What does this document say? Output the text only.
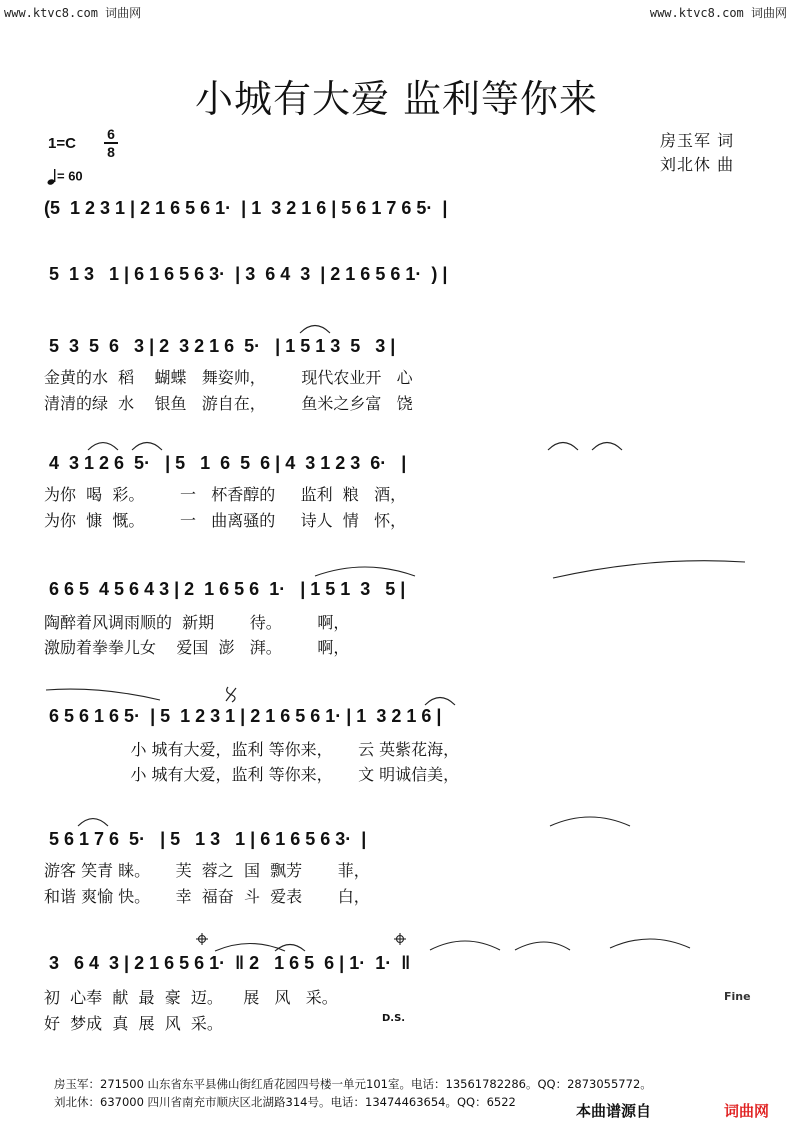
www.ktvc8.com 词曲网	www.ktvc8.com 词曲网
小城有大爱 监利等你来
1=C
6
8
= 60
房玉军 词
刘北休 曲
(5  1 2 3 1 | 2 1 6 5 6 1·  | 1  3 2 1 6 | 5 6 1 7 6 5·  |
5  1 3   1 | 6 1 6 5 6 3·  | 3  6 4  3  | 2 1 6 5 6 1·  ) |
5  3  5  6   3 | 2  3 2 1 6  5·   | 1 5 1 3  5   3 |
金黄的水  稻    蝴蝶   舞姿帅，       现代农业开   心
清清的绿  水    银鱼   游自在，       鱼米之乡富   饶
4  3 1 2 6  5·   | 5   1  6  5  6 | 4  3 1 2 3  6·   |
为你  喝  彩。       一   杯香醇的     监利  粮   酒，
为你  慷  慨。       一   曲离骚的     诗人  情   怀，
6 6 5  4 5 6 4 3 | 2  1 6 5 6  1·   | 1 5 1  3   5 |
陶醉着风调雨顺的  新期       待。       啊，
激励着拳拳儿女    爱国  澎   湃。       啊，
6 5 6 1 6 5·  | 5  1 2 3 1 | 2 1 6 5 6 1· | 1  3 2 1 6 |
小 城有大爱，监利 等你来，     云 英紫花海，
小 城有大爱，监利 等你来，     文 明诚信美，
5 6 1 7 6  5·   | 5   1 3   1 | 6 1 6 5 6 3·  |
游客 笑青 睐。     芙  蓉之  国  飘芳       菲，
和谐 爽愉 快。     幸  福奋  斗  爱表       白，
3   6 4  3 | 2 1 6 5 6 1·  ‖ 2   1 6 5  6 | 1·  1·  ‖
初  心奉  献  最  豪  迈。    展   风   采。
好  梦成  真  展  风  采。
Fine
D.S.
房玉军：271500 山东省东平县佛山街红盾花园四号楼一单元101室。电话：13561782286。QQ：2873055772。
刘北休：637000 四川省南充市顺庆区北湖路314号。电话：13474463654。QQ：6522	本曲谱源自	词曲网
